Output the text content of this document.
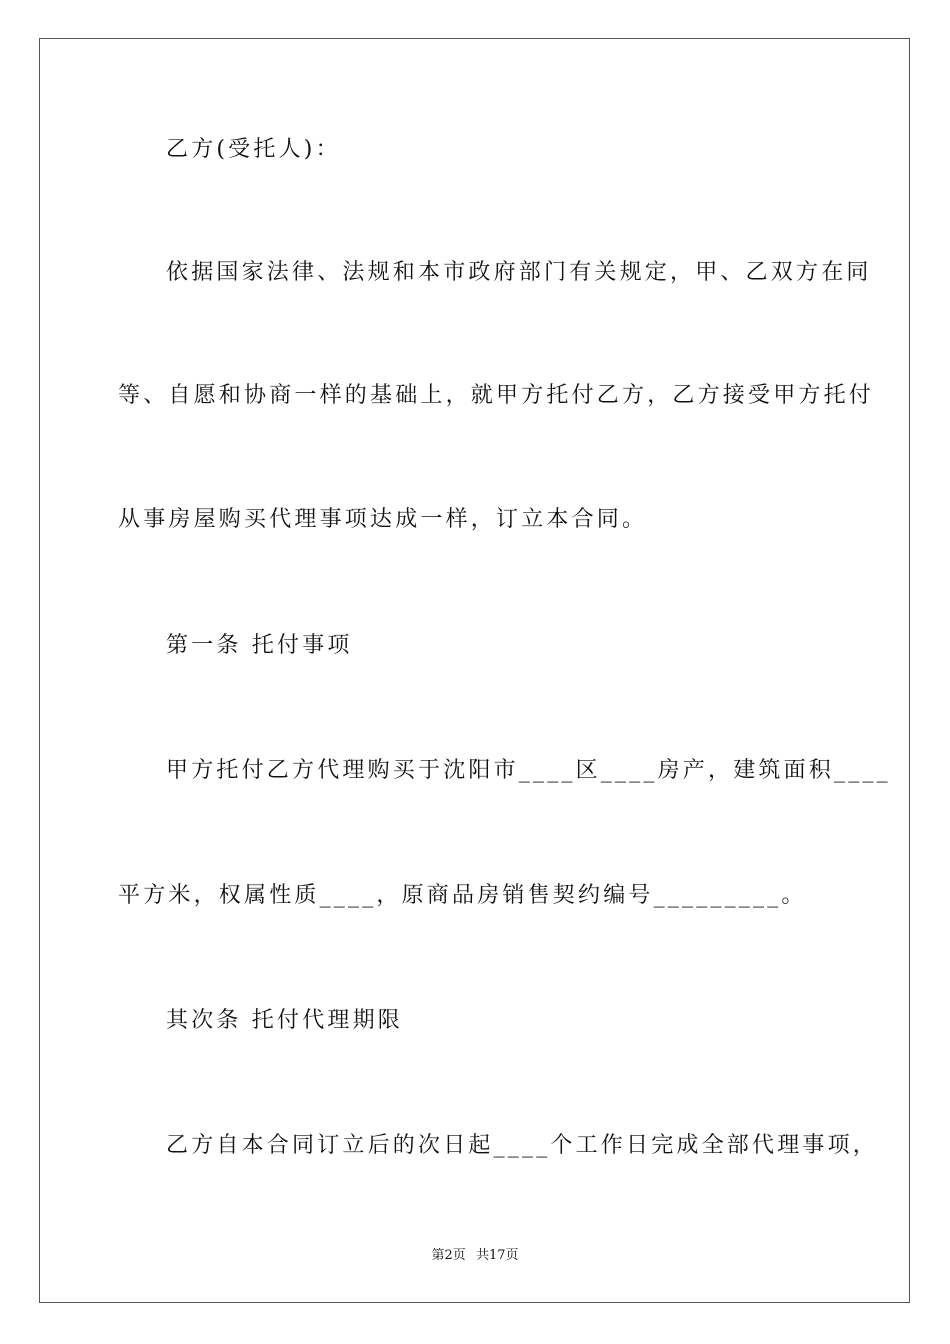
乙方(受托人)：
依据国家法律、法规和本市政府部门有关规定，甲、乙双方在同
等、自愿和协商一样的基础上，就甲方托付乙方，乙方接受甲方托付
从事房屋购买代理事项达成一样，订立本合同。
第一条 托付事项
甲方托付乙方代理购买于沈阳市____区____房产，建筑面积____
平方米，权属性质____，原商品房销售契约编号_________。
其次条 托付代理期限
乙方自本合同订立后的次日起____个工作日完成全部代理事项，
第2页 共17页
